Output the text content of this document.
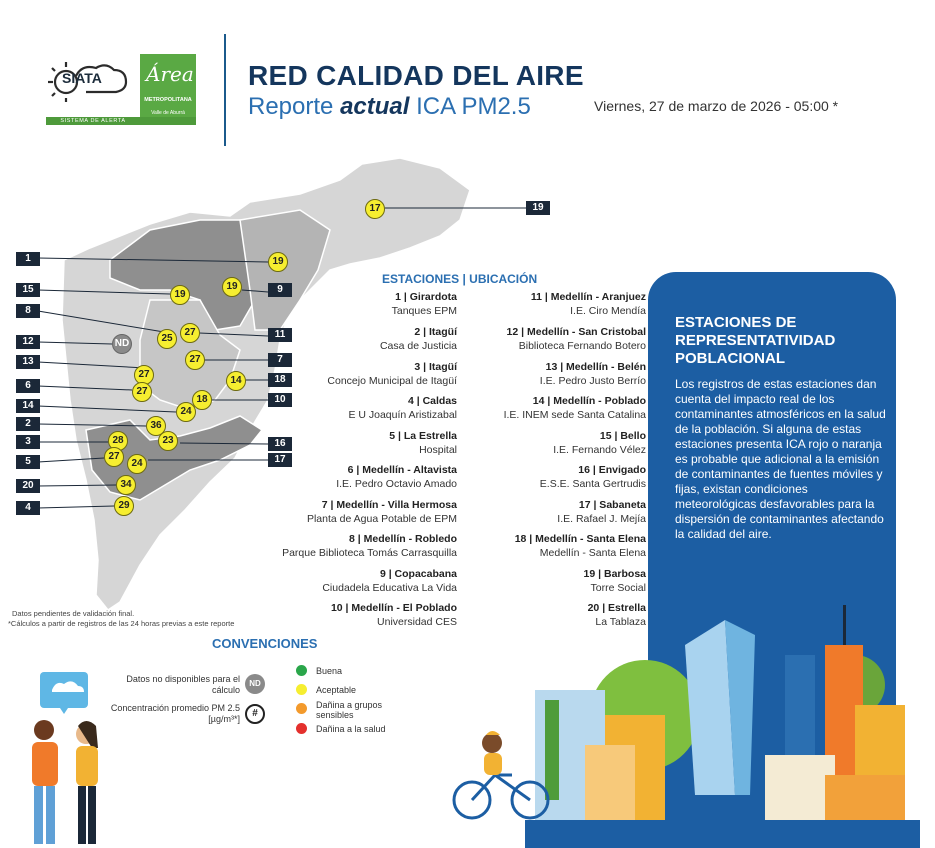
SIATA
SISTEMA DE ALERTA TEMPRANA
Área
METROPOLITANA
Valle de Aburrá
RED CALIDAD DEL AIRE
Reporte actual ICA PM2.5	Viernes, 27 de marzo de 2026 - 05:00 *
1
15
8
12
13
6
14
2
3
5
20
4
19
9
11
7
18
10
16
17
19
19
25
ND
27
27
24
36
28
27
34
29
17
19
27
27
14
18
23
24
ESTACIONES | UBICACIÓN
1 | Girardota
Tanques EPM
2 | Itagüí
Casa de Justicia
3 | Itagüí
Concejo Municipal de Itagüí
4 | Caldas
E U Joaquín Aristizabal
5 | La Estrella
Hospital
6 | Medellín - Altavista
I.E. Pedro Octavio Amado
7 | Medellín - Villa Hermosa
Planta de Agua Potable de EPM
8 | Medellín - Robledo
Parque Biblioteca Tomás Carrasquilla
9 | Copacabana
Ciudadela Educativa La Vida
10 | Medellín - El Poblado
Universidad CES
11 | Medellín - Aranjuez
I.E. Ciro Mendía
12 | Medellín - San Cristobal
Biblioteca Fernando Botero
13 | Medellín - Belén
I.E. Pedro Justo Berrío
14 | Medellín - Poblado
I.E. INEM sede Santa Catalina
15 | Bello
I.E. Fernando Vélez
16 | Envigado
E.S.E. Santa Gertrudis
17 | Sabaneta
I.E. Rafael J. Mejía
18 | Medellín - Santa Elena
Medellín - Santa Elena
19 | Barbosa
Torre Social
20 | Estrella
La Tablaza
ESTACIONES DE REPRESENTATIVIDAD POBLACIONAL
Los registros de estas estaciones dan cuenta del impacto real de los contaminantes atmosféricos en la salud de la población. Si alguna de estas estaciones presenta ICA rojo o naranja es probable que adicional a la emisión de contaminantes de fuentes móviles y fijas, existan condiciones meteorológicas desfavorables para la dispersión de contaminantes afectando la calidad del aire.
Datos pendientes de validación final.
*Cálculos a partir de registros de las 24 horas previas a este reporte
CONVENCIONES
Datos no disponibles para el cálculo
ND
Concentración promedio PM 2.5 [µg/m³*]	#
Buena
Aceptable
Dañina a grupos sensibles
Dañina a la salud
